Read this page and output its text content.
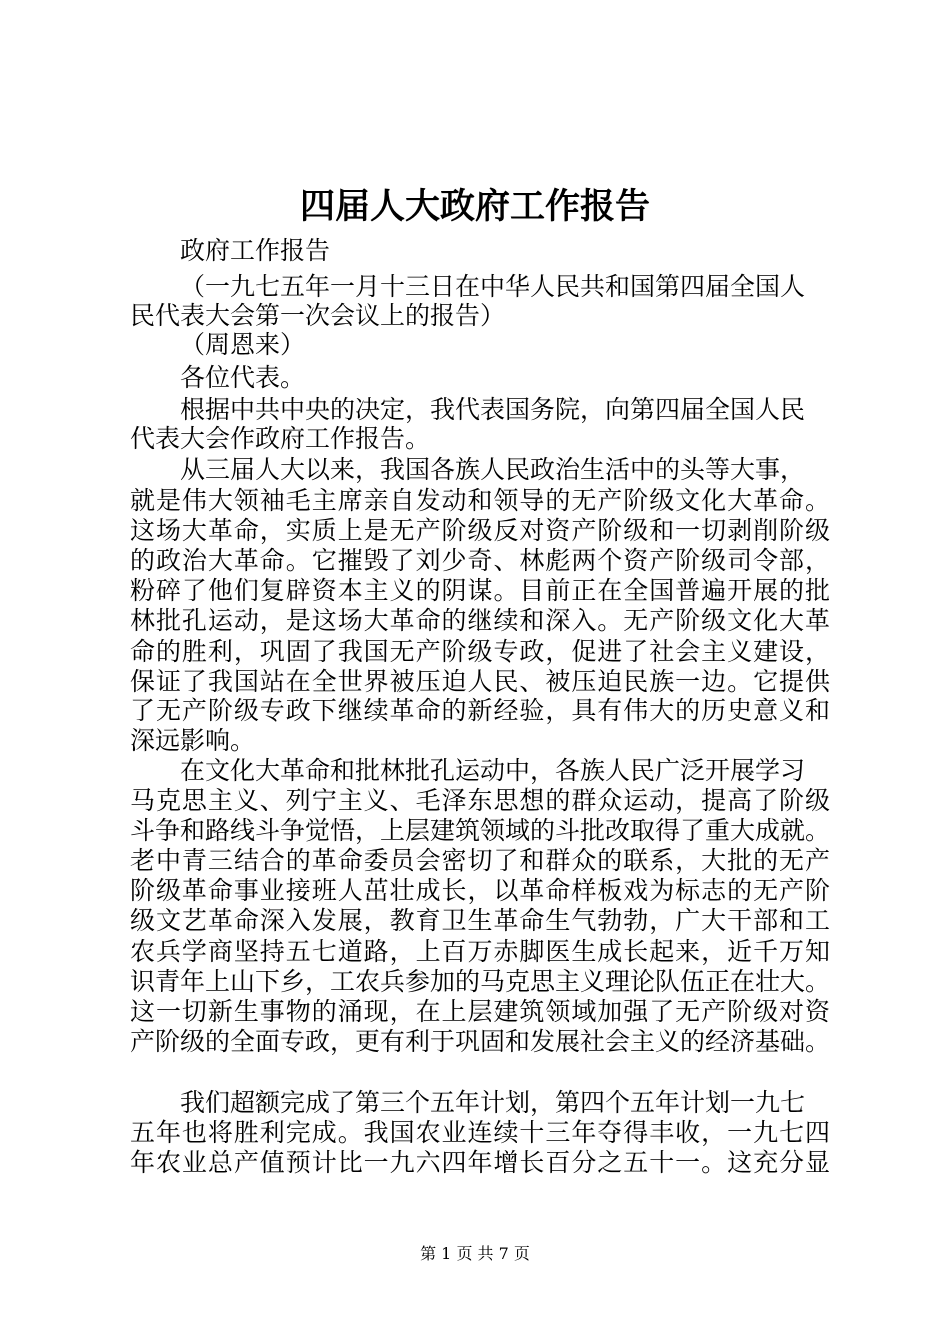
四届人大政府工作报告
政府工作报告
（一九七五年一月十三日在中华人民共和国第四届全国人
民代表大会第一次会议上的报告）
（周恩来）
各位代表。
根据中共中央的决定，我代表国务院，向第四届全国人民
代表大会作政府工作报告。
从三届人大以来，我国各族人民政治生活中的头等大事，
就是伟大领袖毛主席亲自发动和领导的无产阶级文化大革命。
这场大革命，实质上是无产阶级反对资产阶级和一切剥削阶级
的政治大革命。它摧毁了刘少奇、林彪两个资产阶级司令部，
粉碎了他们复辟资本主义的阴谋。目前正在全国普遍开展的批
林批孔运动，是这场大革命的继续和深入。无产阶级文化大革
命的胜利，巩固了我国无产阶级专政，促进了社会主义建设，
保证了我国站在全世界被压迫人民、被压迫民族一边。它提供
了无产阶级专政下继续革命的新经验，具有伟大的历史意义和
深远影响。
在文化大革命和批林批孔运动中，各族人民广泛开展学习
马克思主义、列宁主义、毛泽东思想的群众运动，提高了阶级
斗争和路线斗争觉悟，上层建筑领域的斗批改取得了重大成就。
老中青三结合的革命委员会密切了和群众的联系，大批的无产
阶级革命事业接班人茁壮成长，以革命样板戏为标志的无产阶
级文艺革命深入发展，教育卫生革命生气勃勃，广大干部和工
农兵学商坚持五七道路，上百万赤脚医生成长起来，近千万知
识青年上山下乡，工农兵参加的马克思主义理论队伍正在壮大。
这一切新生事物的涌现，在上层建筑领域加强了无产阶级对资
产阶级的全面专政，更有利于巩固和发展社会主义的经济基础。
我们超额完成了第三个五年计划，第四个五年计划一九七
五年也将胜利完成。我国农业连续十三年夺得丰收，一九七四
年农业总产值预计比一九六四年增长百分之五十一。这充分显
第 1 页 共 7 页
